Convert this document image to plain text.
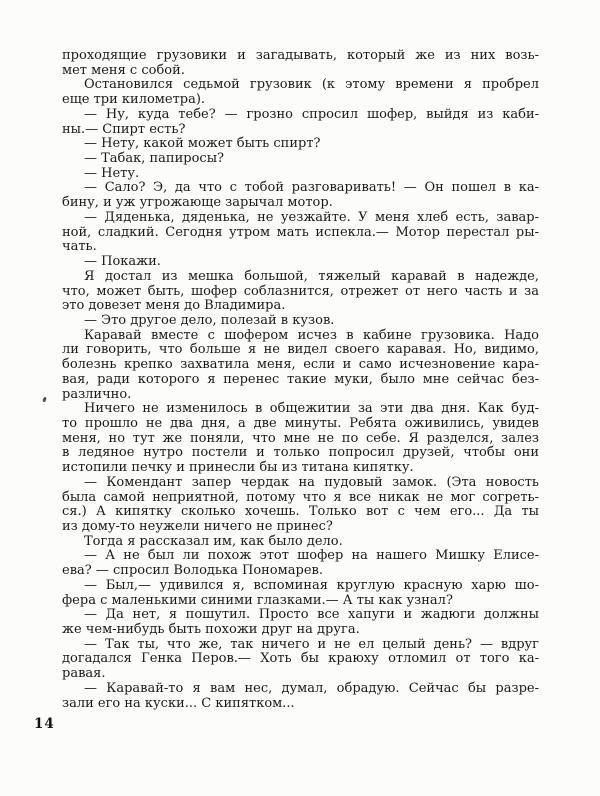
проходящие грузовики и загадывать, который же из них возь-
мет меня с собой.
Остановился седьмой грузовик (к этому времени я пробрел
еще три километра).
— Ну, куда тебе? — грозно спросил шофер, выйдя из каби-
ны.— Спирт есть?
— Нету, какой может быть спирт?
— Табак, папиросы?
— Нету.
— Сало? Э, да что с тобой разговаривать! — Он пошел в ка-
бину, и уж угрожающе зарычал мотор.
— Дяденька, дяденька, не уезжайте. У меня хлеб есть, завар-
ной, сладкий. Сегодня утром мать испекла.— Мотор перестал ры-
чать.
— Покажи.
Я достал из мешка большой, тяжелый каравай в надежде,
что, может быть, шофер соблазнится, отрежет от него часть и за
это довезет меня до Владимира.
— Это другое дело, полезай в кузов.
Каравай вместе с шофером исчез в кабине грузовика. Надо
ли говорить, что больше я не видел своего каравая. Но, видимо,
болезнь крепко захватила меня, если и само исчезновение кара-
вая, ради которого я перенес такие муки, было мне сейчас без-
различно.
Ничего не изменилось в общежитии за эти два дня. Как буд-
то прошло не два дня, а две минуты. Ребята оживились, увидев
меня, но тут же поняли, что мне не по себе. Я разделся, залез
в ледяное нутро постели и только попросил друзей, чтобы они
истопили печку и принесли бы из титана кипятку.
— Комендант запер чердак на пудовый замок. (Эта новость
была самой неприятной, потому что я все никак не мог согреть-
ся.) А кипятку сколько хочешь. Только вот с чем его... Да ты
из дому-то неужели ничего не принес?
Тогда я рассказал им, как было дело.
— А не был ли похож этот шофер на нашего Мишку Елисе-
ева? — спросил Володька Пономарев.
— Был,— удивился я, вспоминая круглую красную харю шо-
фера с маленькими синими глазками.— А ты как узнал?
— Да нет, я пошутил. Просто все хапуги и жадюги должны
же чем-нибудь быть похожи друг на друга.
— Так ты, что же, так ничего и не ел целый день? — вдруг
догадался Генка Перов.— Хоть бы краюху отломил от того ка-
равая.
— Каравай-то я вам нес, думал, обрадую. Сейчас бы разре-
зали его на куски... С кипятком...
14
